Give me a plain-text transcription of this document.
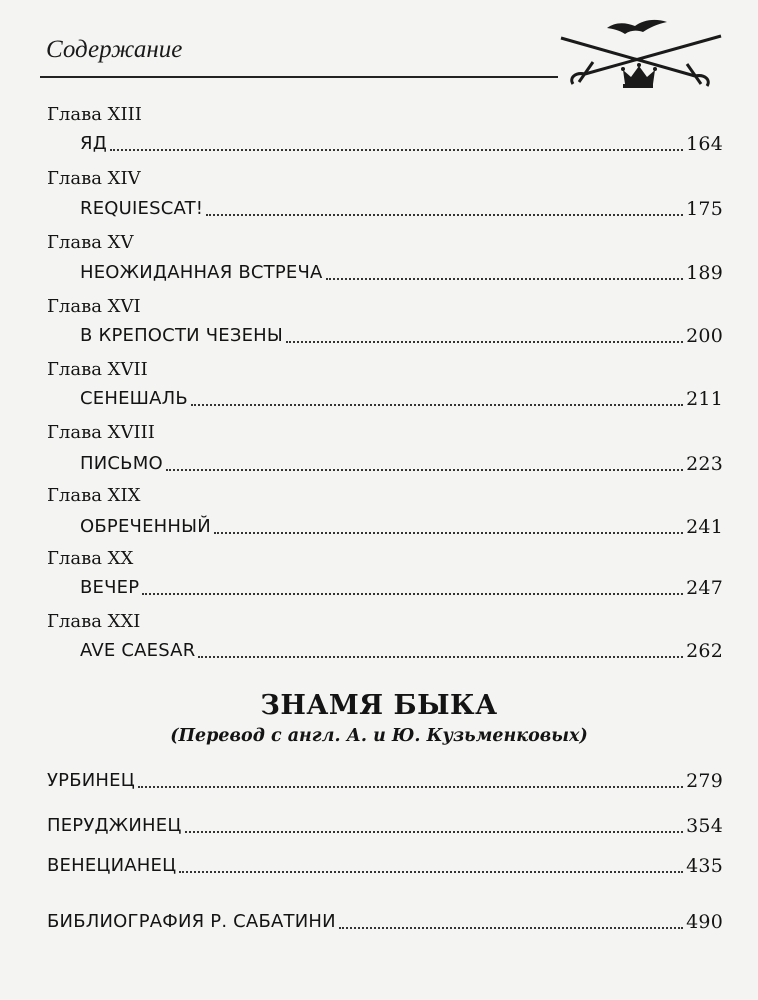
Содержание
Глава XIII
ЯД	164
Глава XIV
REQUIESCAT!	175
Глава XV
НЕОЖИДАННАЯ ВСТРЕЧА	189
Глава XVI
В КРЕПОСТИ ЧЕЗЕНЫ	200
Глава XVII
СЕНЕШАЛЬ	211
Глава XVIII
ПИСЬМО	223
Глава XIX
ОБРЕЧЕННЫЙ	241
Глава XX
ВЕЧЕР	247
Глава XXI
AVE CAESAR	262
ЗНАМЯ БЫКА
(Перевод с англ. А. и Ю. Кузьменковых)
УРБИНЕЦ	279
ПЕРУДЖИНЕЦ	354
ВЕНЕЦИАНЕЦ	435
БИБЛИОГРАФИЯ Р. САБАТИНИ	490
